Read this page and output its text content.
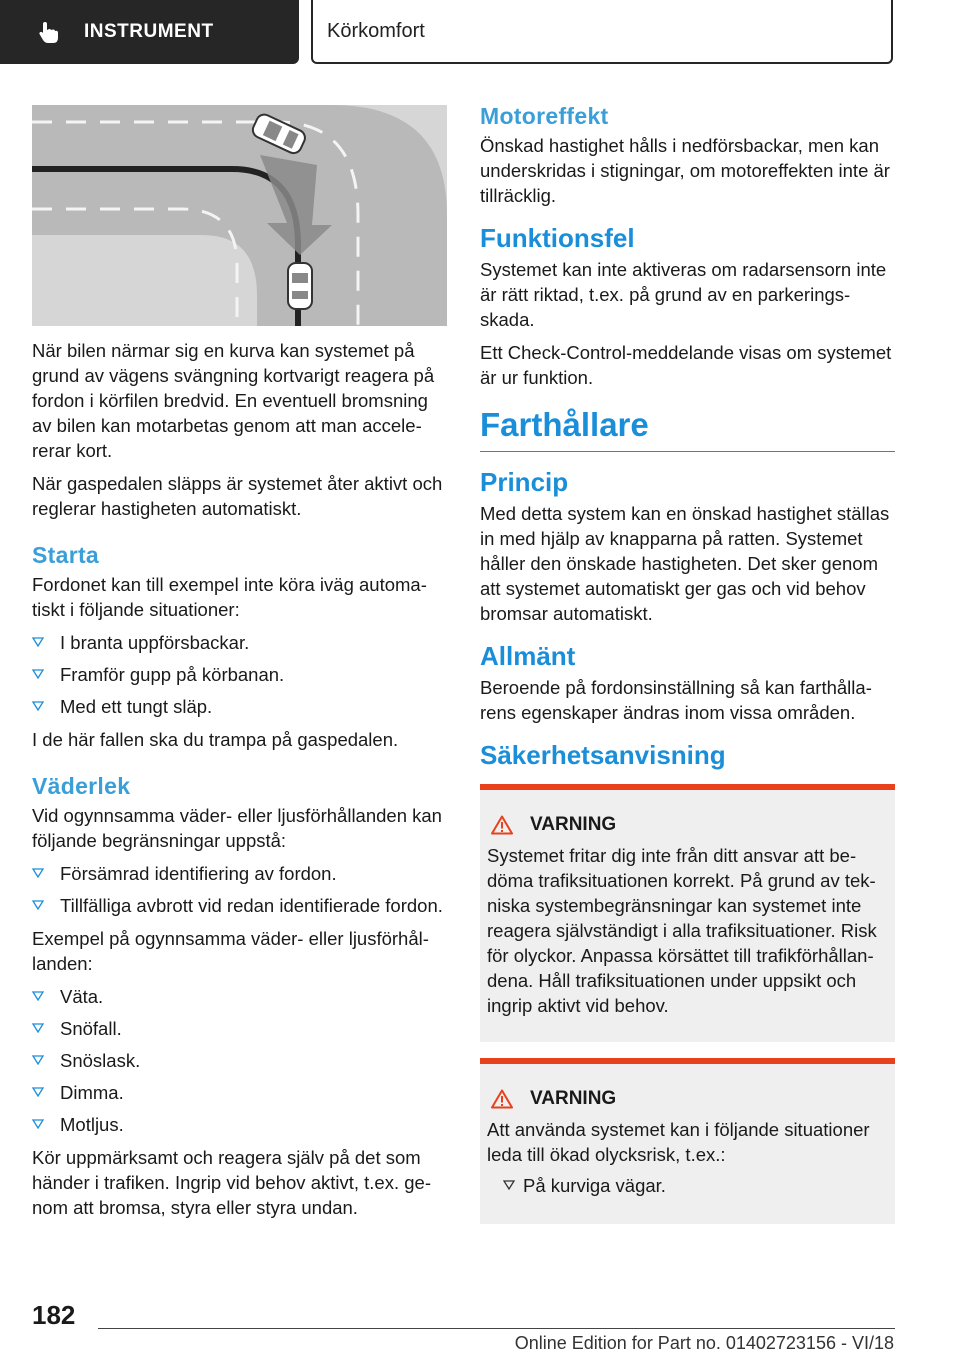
INSTRUMENT	Körkomfort

När bilen närmar sig en kurva kan systemet på grund av vägens svängning kortvarigt reagera på fordon i körfilen bredvid. En eventuell bromsning av bilen kan motarbetas genom att man accelererar kort.

När gaspedalen släpps är systemet åter aktivt och reglerar hastigheten automatiskt.

Starta

Fordonet kan till exempel inte köra iväg automatiskt i följande situationer:

I branta uppförsbackar.
Framför gupp på körbanan.
Med ett tungt släp.

I de här fallen ska du trampa på gaspedalen.

Väderlek

Vid ogynnsamma väder- eller ljusförhållanden kan följande begränsningar uppstå:

Försämrad identifiering av fordon.
Tillfälliga avbrott vid redan identifierade fordon.

Exempel på ogynnsamma väder- eller ljusförhållanden:

Väta.
Snöfall.
Snöslask.
Dimma.
Motljus.

Kör uppmärksamt och reagera själv på det som händer i trafiken. Ingrip vid behov aktivt, t.ex. genom att bromsa, styra eller styra undan.

Motoreffekt

Önskad hastighet hålls i nedförsbackar, men kan underskridas i stigningar, om motoreffekten inte är tillräcklig.

Funktionsfel

Systemet kan inte aktiveras om radarsensorn inte är rätt riktad, t.ex. på grund av en parkeringsskada.

Ett Check-Control-meddelande visas om systemet är ur funktion.

Farthållare
Princip

Med detta system kan en önskad hastighet ställas in med hjälp av knapparna på ratten. Systemet håller den önskade hastigheten. Det sker genom att systemet automatiskt ger gas och vid behov bromsar automatiskt.

Allmänt

Beroende på fordonsinställning så kan farthållarens egenskaper ändras inom vissa områden.

Säkerhetsanvisning
VARNING

Systemet fritar dig inte från ditt ansvar att bedöma trafiksituationen korrekt. På grund av tekniska systembegränsningar kan systemet inte reagera självständigt i alla trafiksituationer. Risk för olyckor. Anpassa körsättet till trafikförhållandena. Håll trafiksituationen under uppsikt och ingrip aktivt vid behov.

VARNING

Att använda systemet kan i följande situationer leda till ökad olycksrisk, t.ex.:

På kurviga vägar.
182
Online Edition for Part no. 01402723156 - VI/18
